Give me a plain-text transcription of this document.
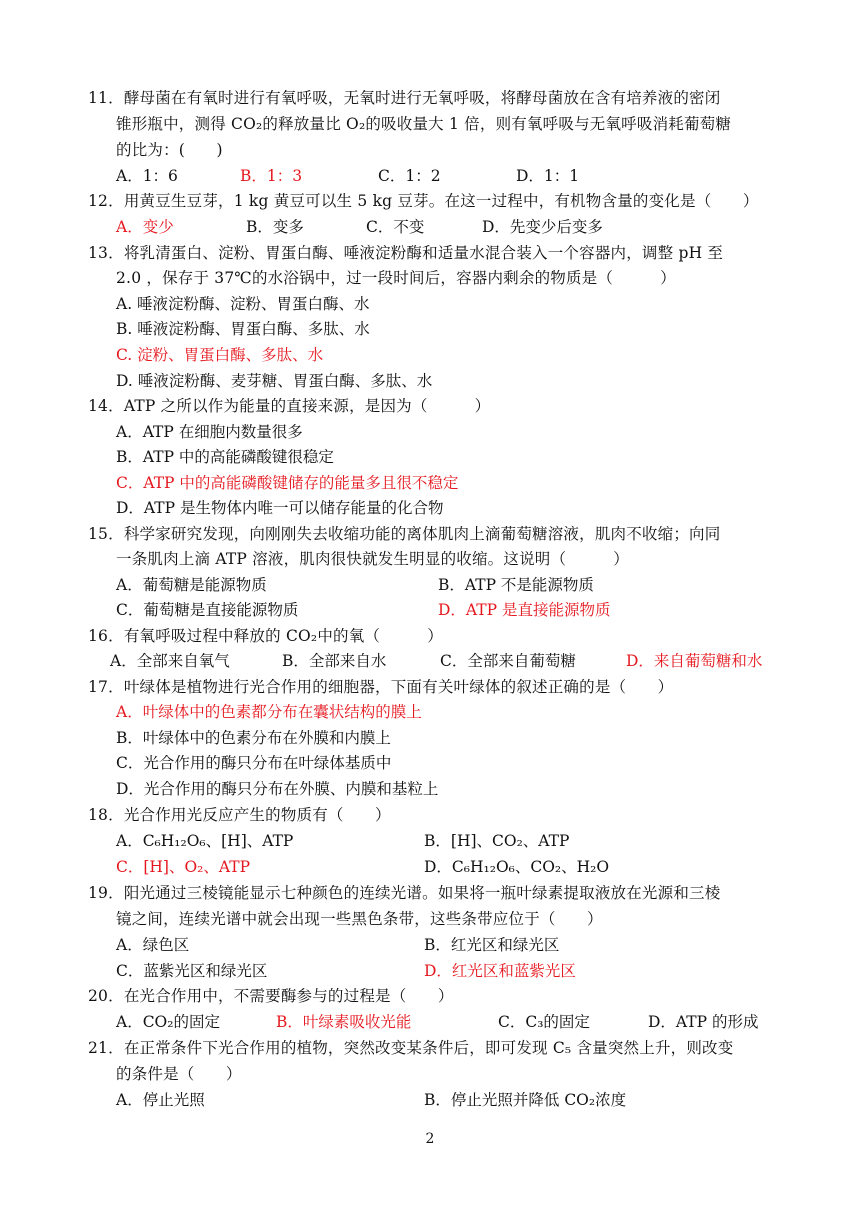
11．酵母菌在有氧时进行有氧呼吸，无氧时进行无氧呼吸，将酵母菌放在含有培养液的密闭
锥形瓶中，测得 CO₂的释放量比 O₂的吸收量大 1 倍，则有氧呼吸与无氧呼吸消耗葡萄糖
的比为：(　　)
A．1：6	B．1：3	C．1：2	D．1：1
12．用黄豆生豆芽，1 kg 黄豆可以生 5 kg 豆芽。在这一过程中，有机物含量的变化是（　　）
A．变少	B．变多	C．不变	D．先变少后变多
13．将乳清蛋白、淀粉、胃蛋白酶、唾液淀粉酶和适量水混合装入一个容器内，调整 pH 至
2.0 ，保存于 37℃的水浴锅中，过一段时间后，容器内剩余的物质是（　　　）
A. 唾液淀粉酶、淀粉、胃蛋白酶、水
B. 唾液淀粉酶、胃蛋白酶、多肽、水
C. 淀粉、胃蛋白酶、多肽、水
D. 唾液淀粉酶、麦芽糖、胃蛋白酶、多肽、水
14．ATP 之所以作为能量的直接来源，是因为（　　　）
A．ATP 在细胞内数量很多
B．ATP 中的高能磷酸键很稳定
C．ATP 中的高能磷酸键储存的能量多且很不稳定
D．ATP 是生物体内唯一可以储存能量的化合物
15．科学家研究发现，向刚刚失去收缩功能的离体肌肉上滴葡萄糖溶液，肌肉不收缩；向同
一条肌肉上滴 ATP 溶液，肌肉很快就发生明显的收缩。这说明（　　　）
A．葡萄糖是能源物质	B．ATP 不是能源物质
C．葡萄糖是直接能源物质	D．ATP 是直接能源物质
16．有氧呼吸过程中释放的 CO₂中的氧（　　　）
A．全部来自氧气	B．全部来自水	C．全部来自葡萄糖	D．来自葡萄糖和水
17．叶绿体是植物进行光合作用的细胞器，下面有关叶绿体的叙述正确的是（　　）
A．叶绿体中的色素都分布在囊状结构的膜上
B．叶绿体中的色素分布在外膜和内膜上
C．光合作用的酶只分布在叶绿体基质中
D．光合作用的酶只分布在外膜、内膜和基粒上
18．光合作用光反应产生的物质有（　　）
A．C₆H₁₂O₆、[H]、ATP	B．[H]、CO₂、ATP
C．[H]、O₂、ATP	D．C₆H₁₂O₆、CO₂、H₂O
19．阳光通过三棱镜能显示七种颜色的连续光谱。如果将一瓶叶绿素提取液放在光源和三棱
镜之间，连续光谱中就会出现一些黑色条带，这些条带应位于（　　）
A．绿色区	B．红光区和绿光区
C．蓝紫光区和绿光区	D．红光区和蓝紫光区
20．在光合作用中，不需要酶参与的过程是（　　）
A．CO₂的固定	B．叶绿素吸收光能	C．C₃的固定	D．ATP 的形成
21．在正常条件下光合作用的植物，突然改变某条件后，即可发现 C₅ 含量突然上升，则改变
的条件是（　　）
A．停止光照	B．停止光照并降低 CO₂浓度
2
